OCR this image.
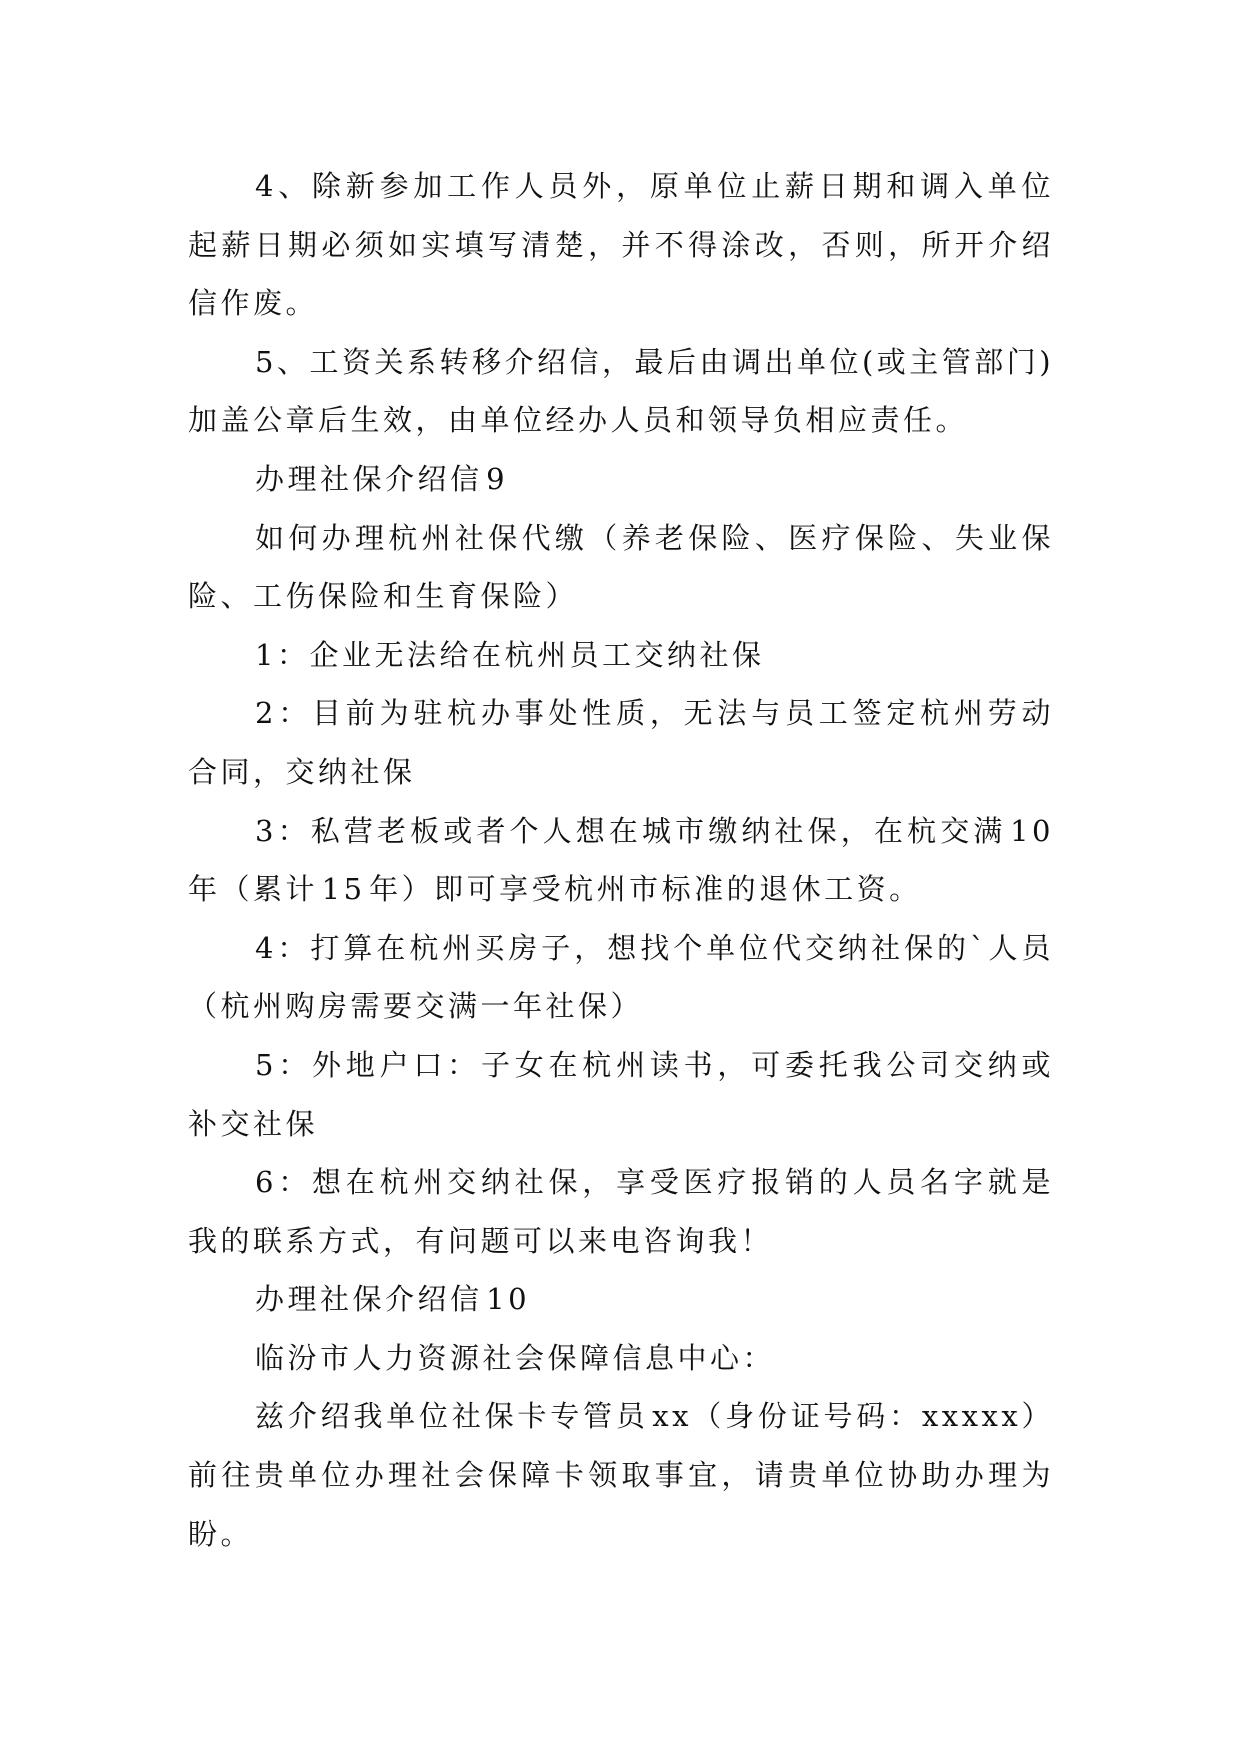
4、除新参加工作人员外，原单位止薪日期和调入单位
起薪日期必须如实填写清楚，并不得涂改，否则，所开介绍
信作废。
5、工资关系转移介绍信，最后由调出单位(或主管部门)
加盖公章后生效，由单位经办人员和领导负相应责任。
办理社保介绍信9
如何办理杭州社保代缴（养老保险、医疗保险、失业保
险、工伤保险和生育保险）
1：企业无法给在杭州员工交纳社保
2：目前为驻杭办事处性质，无法与员工签定杭州劳动
合同，交纳社保
3：私营老板或者个人想在城市缴纳社保，在杭交满10
年（累计15年）即可享受杭州市标准的退休工资。
4：打算在杭州买房子，想找个单位代交纳社保的`人员
（杭州购房需要交满一年社保）
5：外地户口：子女在杭州读书，可委托我公司交纳或
补交社保
6：想在杭州交纳社保，享受医疗报销的人员名字就是
我的联系方式，有问题可以来电咨询我！
办理社保介绍信10
临汾市人力资源社会保障信息中心：
兹介绍我单位社保卡专管员xx（身份证号码：xxxxx）
前往贵单位办理社会保障卡领取事宜，请贵单位协助办理为
盼。
